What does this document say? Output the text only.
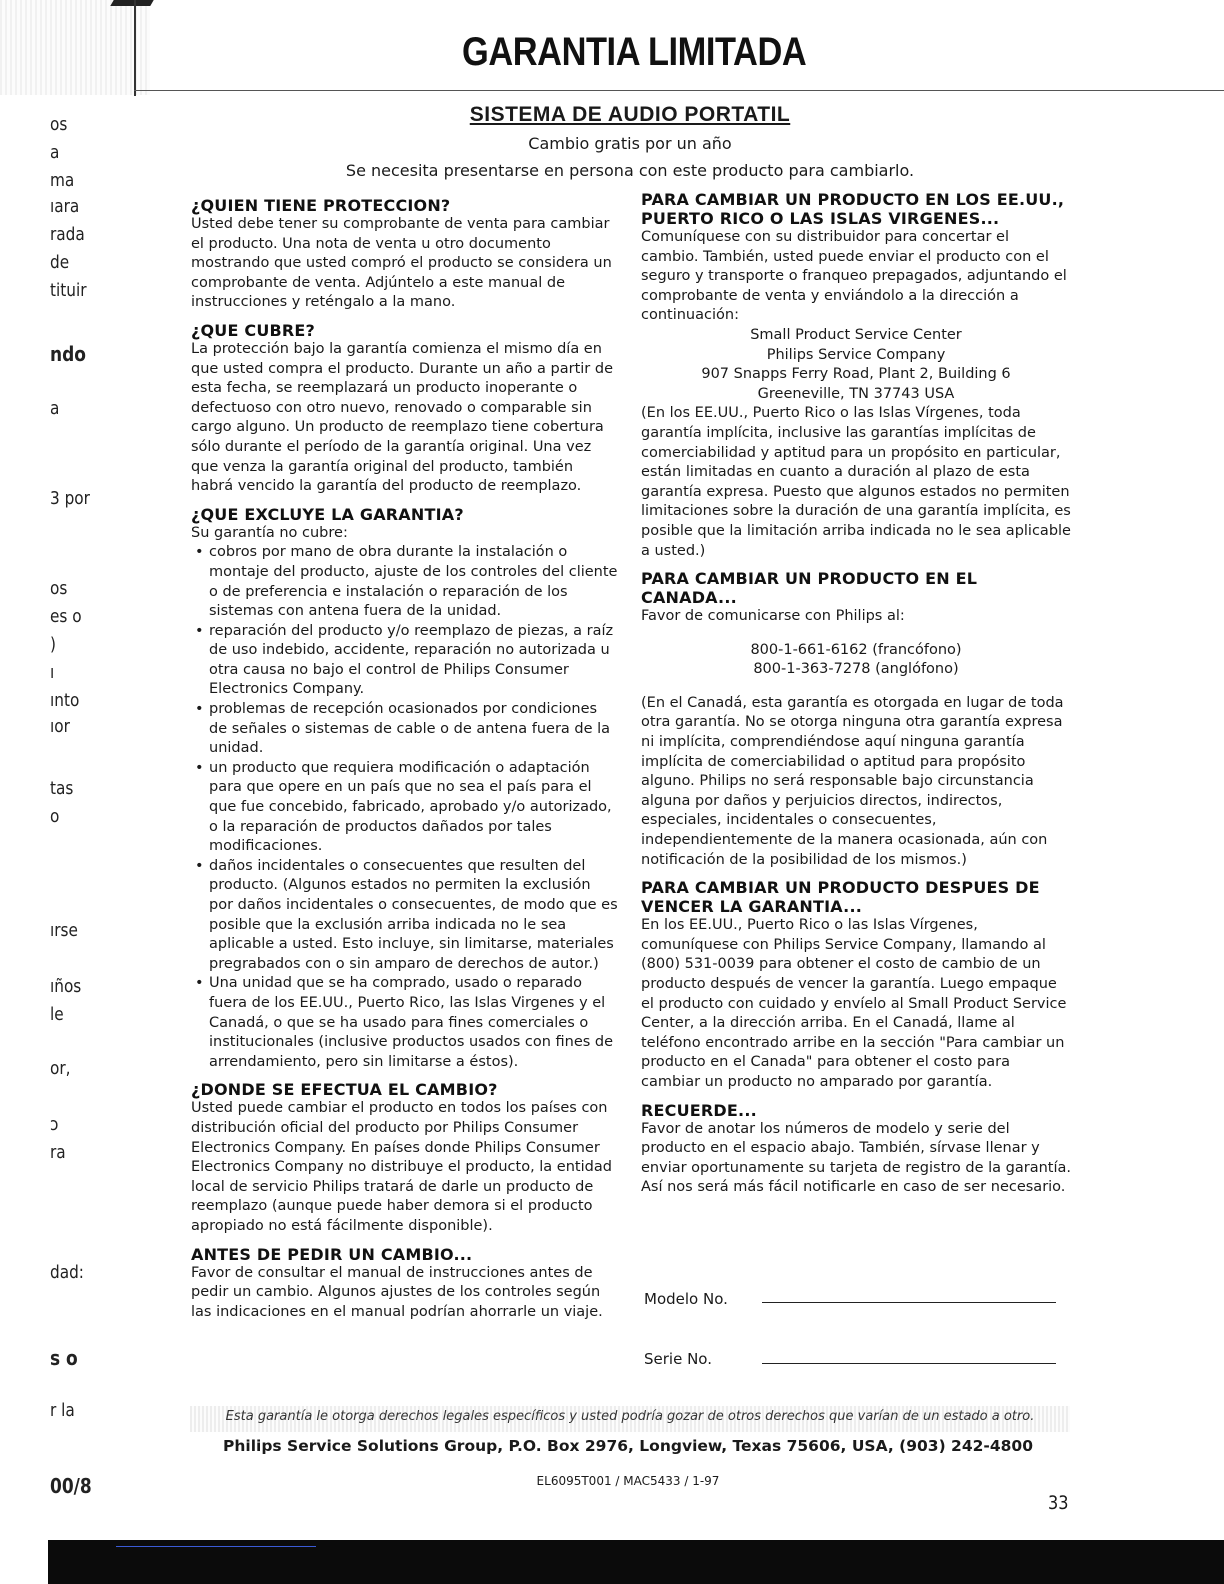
GARANTIA LIMITADA
SISTEMA DE AUDIO PORTATIL
Cambio gratis por un año
Se necesita presentarse en persona con este producto para cambiarlo.
os
a
ma
ıara
rada
de
tituir
ndo
a
3 por
os
es o
)
ı
ınto
ıor
tas
o
ırse
ıños
le
or,
ɔ
ra
dad:
s o
r la
00/8

¿QUIEN TIENE PROTECCION?

Usted debe tener su comprobante de venta para cambiar el producto. Una nota de venta u otro documento mostrando que usted compró el producto se considera un comprobante de venta. Adjúntelo a este manual de instrucciones y reténgalo a la mano.

¿QUE CUBRE?

La protección bajo la garantía comienza el mismo día en que usted compra el producto. Durante un año a partir de esta fecha, se reemplazará un producto inoperante o defectuoso con otro nuevo, renovado o comparable sin cargo alguno. Un producto de reemplazo tiene cobertura sólo durante el período de la garantía original. Una vez que venza la garantía original del producto, también habrá vencido la garantía del producto de reemplazo.

¿QUE EXCLUYE LA GARANTIA?

Su garantía no cubre:

• cobros por mano de obra durante la instalación o montaje del producto, ajuste de los controles del cliente o de preferencia e instalación o reparación de los sistemas con antena fuera de la unidad.
• reparación del producto y/o reemplazo de piezas, a raíz de uso indebido, accidente, reparación no autorizada u otra causa no bajo el control de Philips Consumer Electronics Company.
• problemas de recepción ocasionados por condiciones de señales o sistemas de cable o de antena fuera de la unidad.
• un producto que requiera modificación o adaptación para que opere en un país que no sea el país para el que fue concebido, fabricado, aprobado y/o autorizado, o la reparación de productos dañados por tales modificaciones.
• daños incidentales o consecuentes que resulten del producto. (Algunos estados no permiten la exclusión por daños incidentales o consecuentes, de modo que es posible que la exclusión arriba indicada no le sea aplicable a usted. Esto incluye, sin limitarse, materiales pregrabados con o sin amparo de derechos de autor.)
• Una unidad que se ha comprado, usado o reparado fuera de los EE.UU., Puerto Rico, las Islas Virgenes y el Canadá, o que se ha usado para fines comerciales o institucionales (inclusive productos usados con fines de arrendamiento, pero sin limitarse a éstos).

¿DONDE SE EFECTUA EL CAMBIO?

Usted puede cambiar el producto en todos los países con distribución oficial del producto por Philips Consumer Electronics Company. En países donde Philips Consumer Electronics Company no distribuye el producto, la entidad local de servicio Philips tratará de darle un producto de reemplazo (aunque puede haber demora si el producto apropiado no está fácilmente disponible).

ANTES DE PEDIR UN CAMBIO...

Favor de consultar el manual de instrucciones antes de pedir un cambio. Algunos ajustes de los controles según las indicaciones en el manual podrían ahorrarle un viaje.

PARA CAMBIAR UN PRODUCTO EN LOS EE.UU., PUERTO RICO O LAS ISLAS VIRGENES...

Comuníquese con su distribuidor para concertar el cambio. También, usted puede enviar el producto con el seguro y transporte o franqueo prepagados, adjuntando el comprobante de venta y enviándolo a la dirección a continuación:

Small Product Service Center

Philips Service Company

907 Snapps Ferry Road, Plant 2, Building 6

Greeneville, TN 37743 USA

(En los EE.UU., Puerto Rico o las Islas Vírgenes, toda garantía implícita, inclusive las garantías implícitas de comerciabilidad y aptitud para un propósito en particular, están limitadas en cuanto a duración al plazo de esta garantía expresa. Puesto que algunos estados no permiten limitaciones sobre la duración de una garantía implícita, es posible que la limitación arriba indicada no le sea aplicable a usted.)

PARA CAMBIAR UN PRODUCTO EN EL CANADA...

Favor de comunicarse con Philips al:

800-1-661-6162 (francófono)

800-1-363-7278 (anglófono)

(En el Canadá, esta garantía es otorgada en lugar de toda otra garantía. No se otorga ninguna otra garantía expresa ni implícita, comprendiéndose aquí ninguna garantía implícita de comerciabilidad o aptitud para propósito alguno. Philips no será responsable bajo circunstancia alguna por daños y perjuicios directos, indirectos, especiales, incidentales o consecuentes, independientemente de la manera ocasionada, aún con notificación de la posibilidad de los mismos.)

PARA CAMBIAR UN PRODUCTO DESPUES DE VENCER LA GARANTIA...

En los EE.UU., Puerto Rico o las Islas Vírgenes, comuníquese con Philips Service Company, llamando al (800) 531-0039 para obtener el costo de cambio de un producto después de vencer la garantía. Luego empaque el producto con cuidado y envíelo al Small Product Service Center, a la dirección arriba. En el Canadá, llame al teléfono encontrado arribe en la sección "Para cambiar un producto en el Canada" para obtener el costo para cambiar un producto no amparado por garantía.

RECUERDE...

Favor de anotar los números de modelo y serie del producto en el espacio abajo. También, sírvase llenar y enviar oportunamente su tarjeta de registro de la garantía. Así nos será más fácil notificarle en caso de ser necesario.

Modelo No.
Serie No.
Esta garantía le otorga derechos legales específicos y usted podría gozar de otros derechos que varían de un estado a otro.
Philips Service Solutions Group, P.O. Box 2976, Longview, Texas 75606, USA, (903) 242-4800
EL6095T001 / MAC5433 / 1-97
33
